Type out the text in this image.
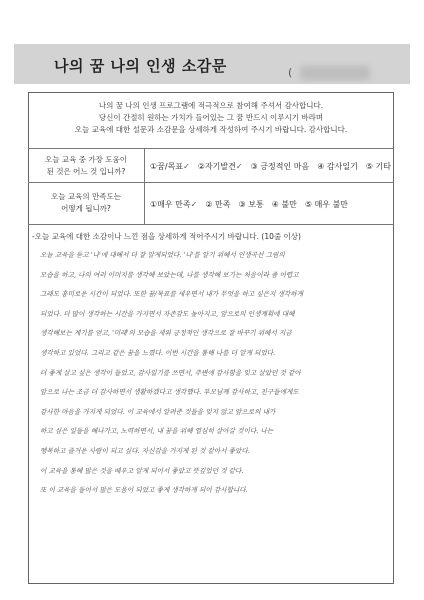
나의 꿈 나의 인생 소감문	(
나의 꿈 나의 인생 프로그램에 적극적으로 참여해 주셔서 감사합니다.
당신이 간절히 원하는 가치가 들어있는 그 꿈 반드시 이루시기 바라며
오늘 교육에 대한 설문과 소감문을 상세하게 작성하여 주시기 바랍니다. 감사합니다.
오늘 교육 중 가장 도움이
된 것은 어느 것 입니까?
①꿈/목표✓ ②자기발견✓ ③ 긍정적인 마음 ④ 감사일기 ⑤ 기타
오늘 교육의 만족도는
어떻게 됩니까?	①매우 만족✓ ② 만족 ③ 보통 ④ 불만 ⑤ 매우 불만
-오늘 교육에 대한 소감이나 느낀 점을 상세하게 적어주시기 바랍니다. (10줄 이상)
오늘 교육을 듣고 '나'에 대해서 더 잘 알게되었다. '나'를 알기 위해서 인생곡선 그림의
모습을 하고, 나의 여러 이미지를 생각해 보았는데, 나를 생각해 보기는 처음이라 좀 어렵고
그래도 흥미로운 시간이 되었다. 또한 꿈/목표를 세우면서 내가 무엇을 하고 싶은지 생각하게
되었다. 더 많이 생각하는 시간을 가지면서 자존감도 높아지고, 앞으로의 인생계획에 대해
생각해보는 계기를 얻고, '미래'의 모습을 세워 긍정적인 생각으로 잘 바꾸기 위해서 지금
생각하고 있었다. 그리고 같은 꿈을 느꼈다. 이번 시간을 통해 나를 더 알게 되었다.
더 좋게 살고 싶은 생각이 들었고, 감사일기를 쓰면서, 주변에 감사함을 잊고 살았던 것 같아
앞으로 나는 조금 더 감사하면서 생활하겠다고 생각했다. 부모님께 감사하고, 친구들에게도
감사한 마음을 가지게 되었다. 이 교육에서 알려준 것들을 잊지 않고 앞으로의 내가
하고 싶은 일들을 해나가고, 노력하면서, 내 꿈을 위해 열심히 살아갈 것이다. 나는
행복하고 즐거운 사람이 되고 싶다. 자신감을 가지게 된 것 같아서 좋았다.
이 교육을 통해 많은 것을 배우고 알게 되어서 좋았고 뜻깊었던 것 같다.
또 이 교육을 들어서 많은 도움이 되었고 좋게 생각하게 되어 감사합니다.
